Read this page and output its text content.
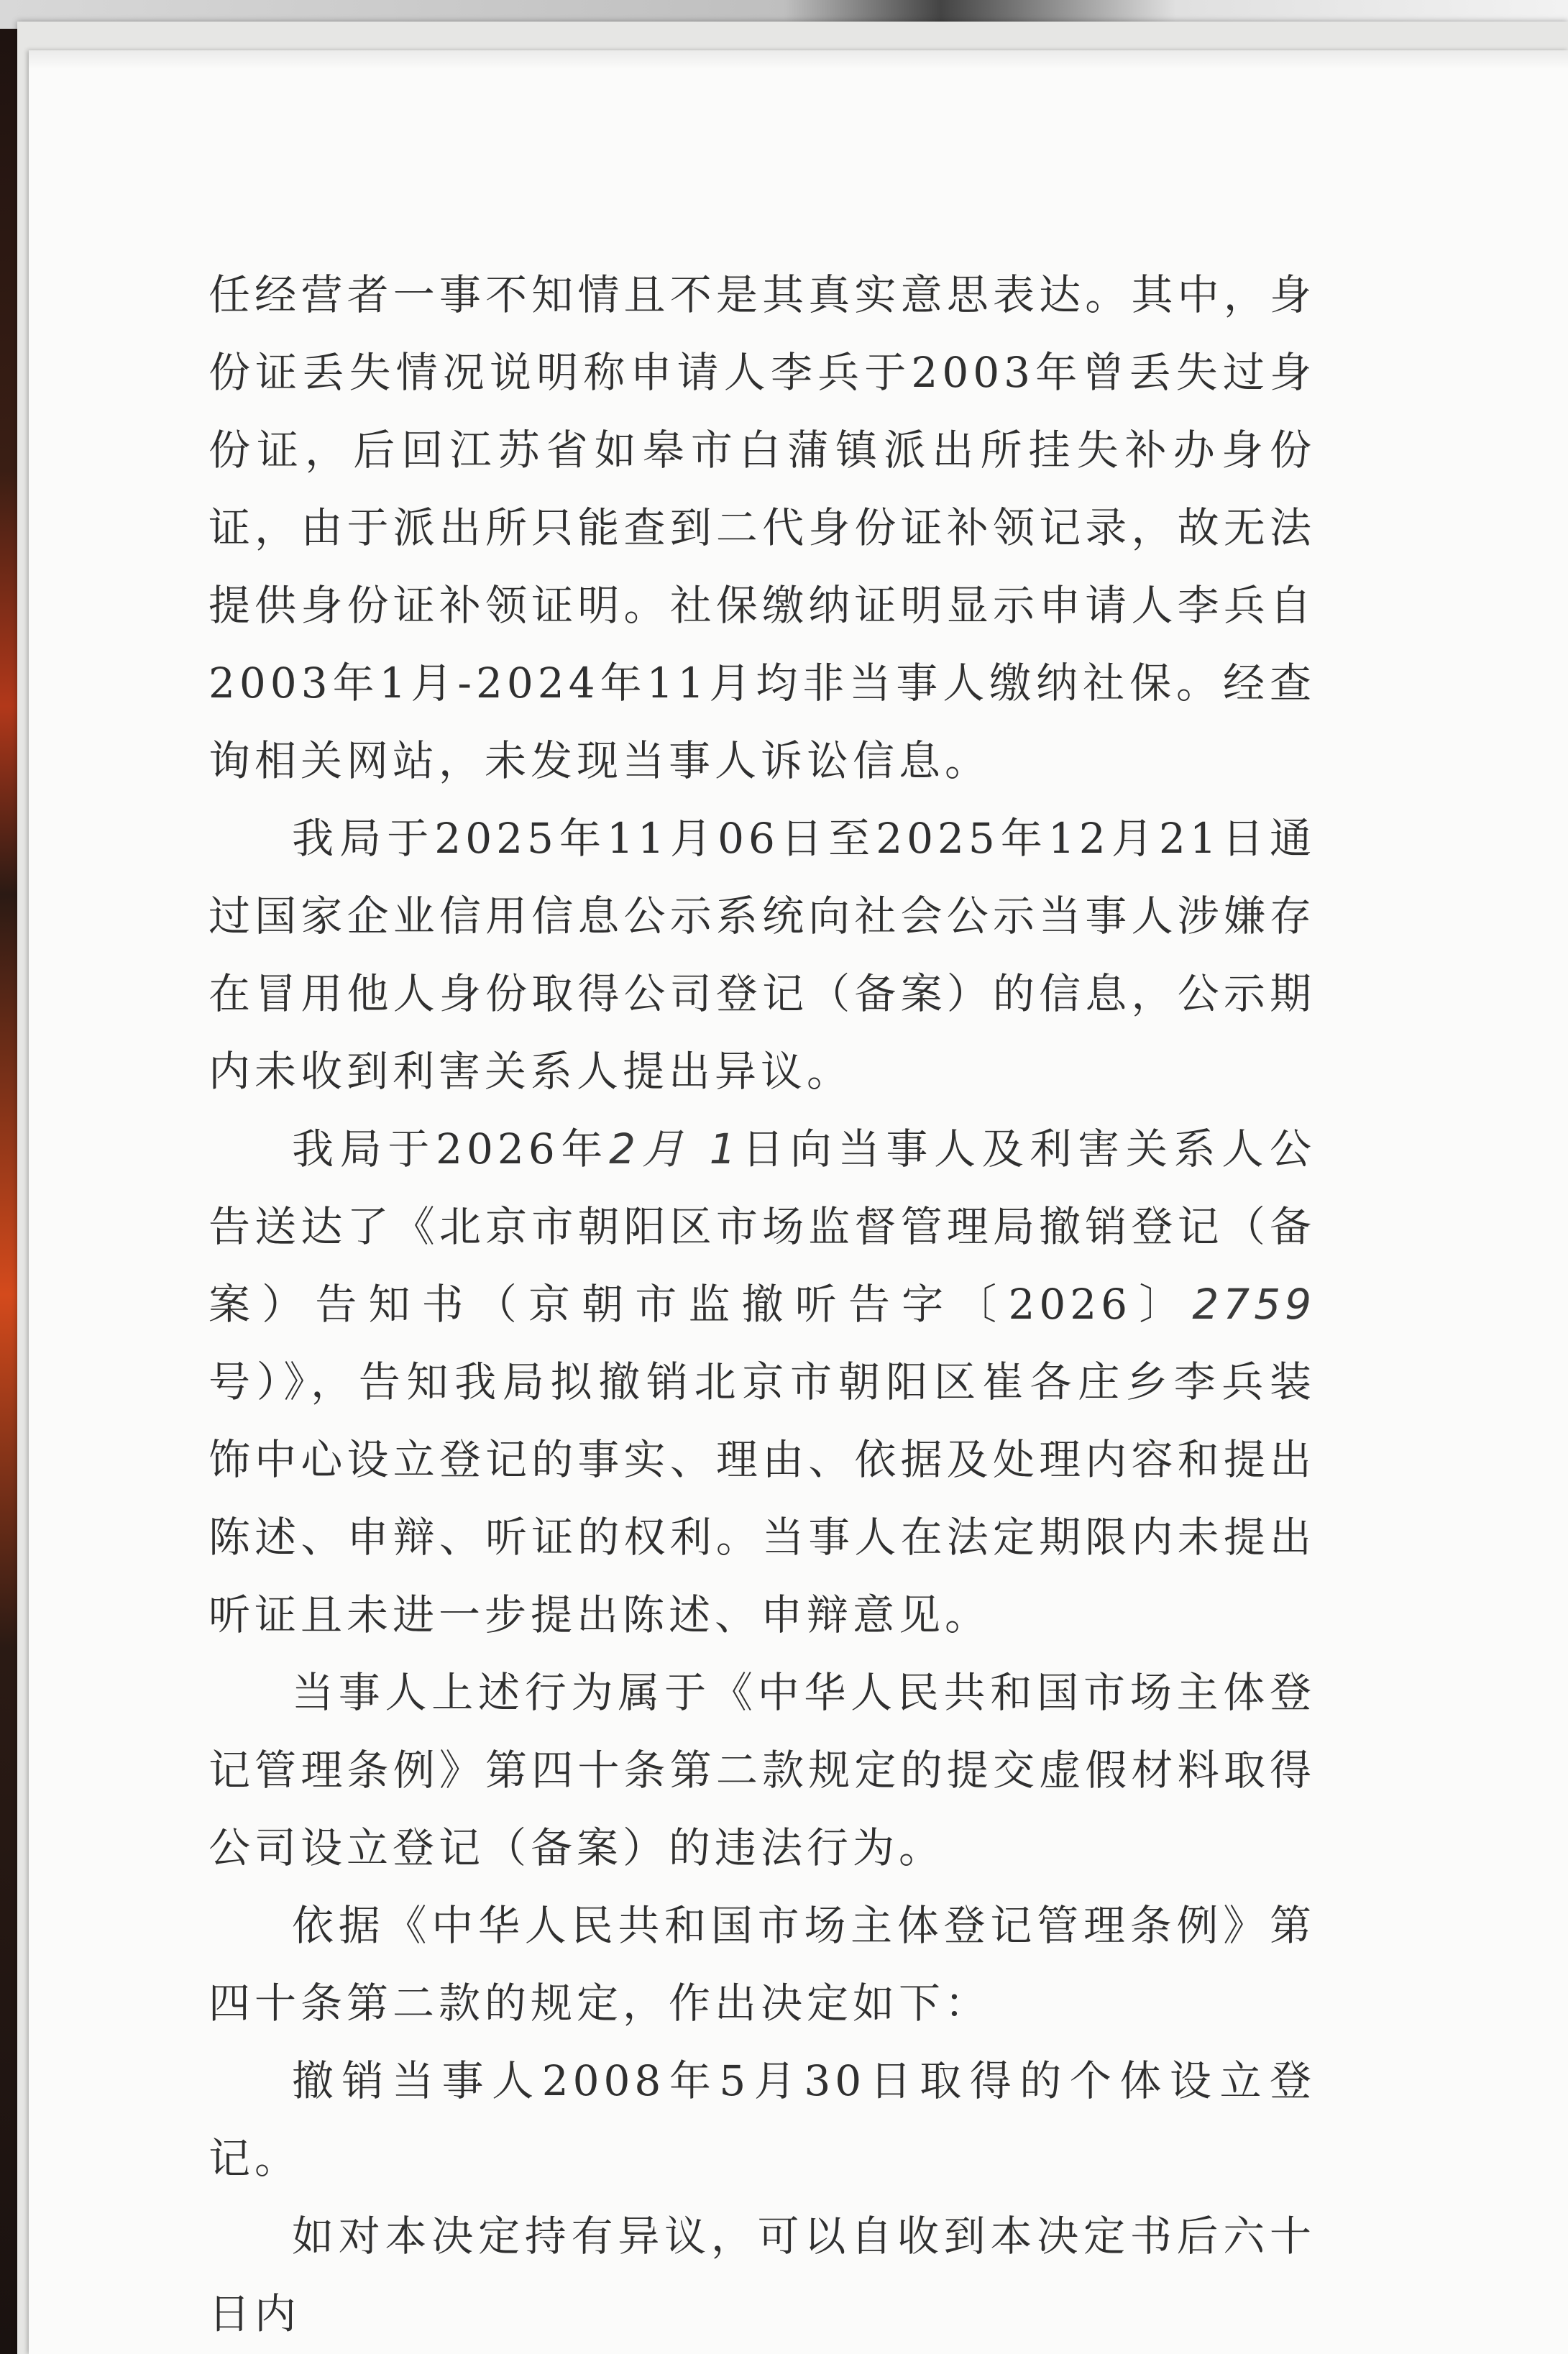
任经营者一事不知情且不是其真实意思表达。其中，身份证丢失情况说明称申请人李兵于2003年曾丢失过身份证，后回江苏省如皋市白蒲镇派出所挂失补办身份证，由于派出所只能查到二代身份证补领记录，故无法提供身份证补领证明。社保缴纳证明显示申请人李兵自2003年1月-2024年11月均非当事人缴纳社保。经查询相关网站，未发现当事人诉讼信息。

我局于2025年11月06日至2025年12月21日通过国家企业信用信息公示系统向社会公示当事人涉嫌存在冒用他人身份取得公司登记（备案）的信息，公示期内未收到利害关系人提出异议。

我局于2026年2月 1日向当事人及利害关系人公告送达了《北京市朝阳区市场监督管理局撤销登记（备案）告知书（京朝市监撤听告字〔2026〕2759号）》，告知我局拟撤销北京市朝阳区崔各庄乡李兵装饰中心设立登记的事实、理由、依据及处理内容和提出陈述、申辩、听证的权利。当事人在法定期限内未提出听证且未进一步提出陈述、申辩意见。

当事人上述行为属于《中华人民共和国市场主体登记管理条例》第四十条第二款规定的提交虚假材料取得公司设立登记（备案）的违法行为。

依据《中华人民共和国市场主体登记管理条例》第四十条第二款的规定，作出决定如下：

撤销当事人2008年5月30日取得的个体设立登记。

如对本决定持有异议，可以自收到本决定书后六十日内
